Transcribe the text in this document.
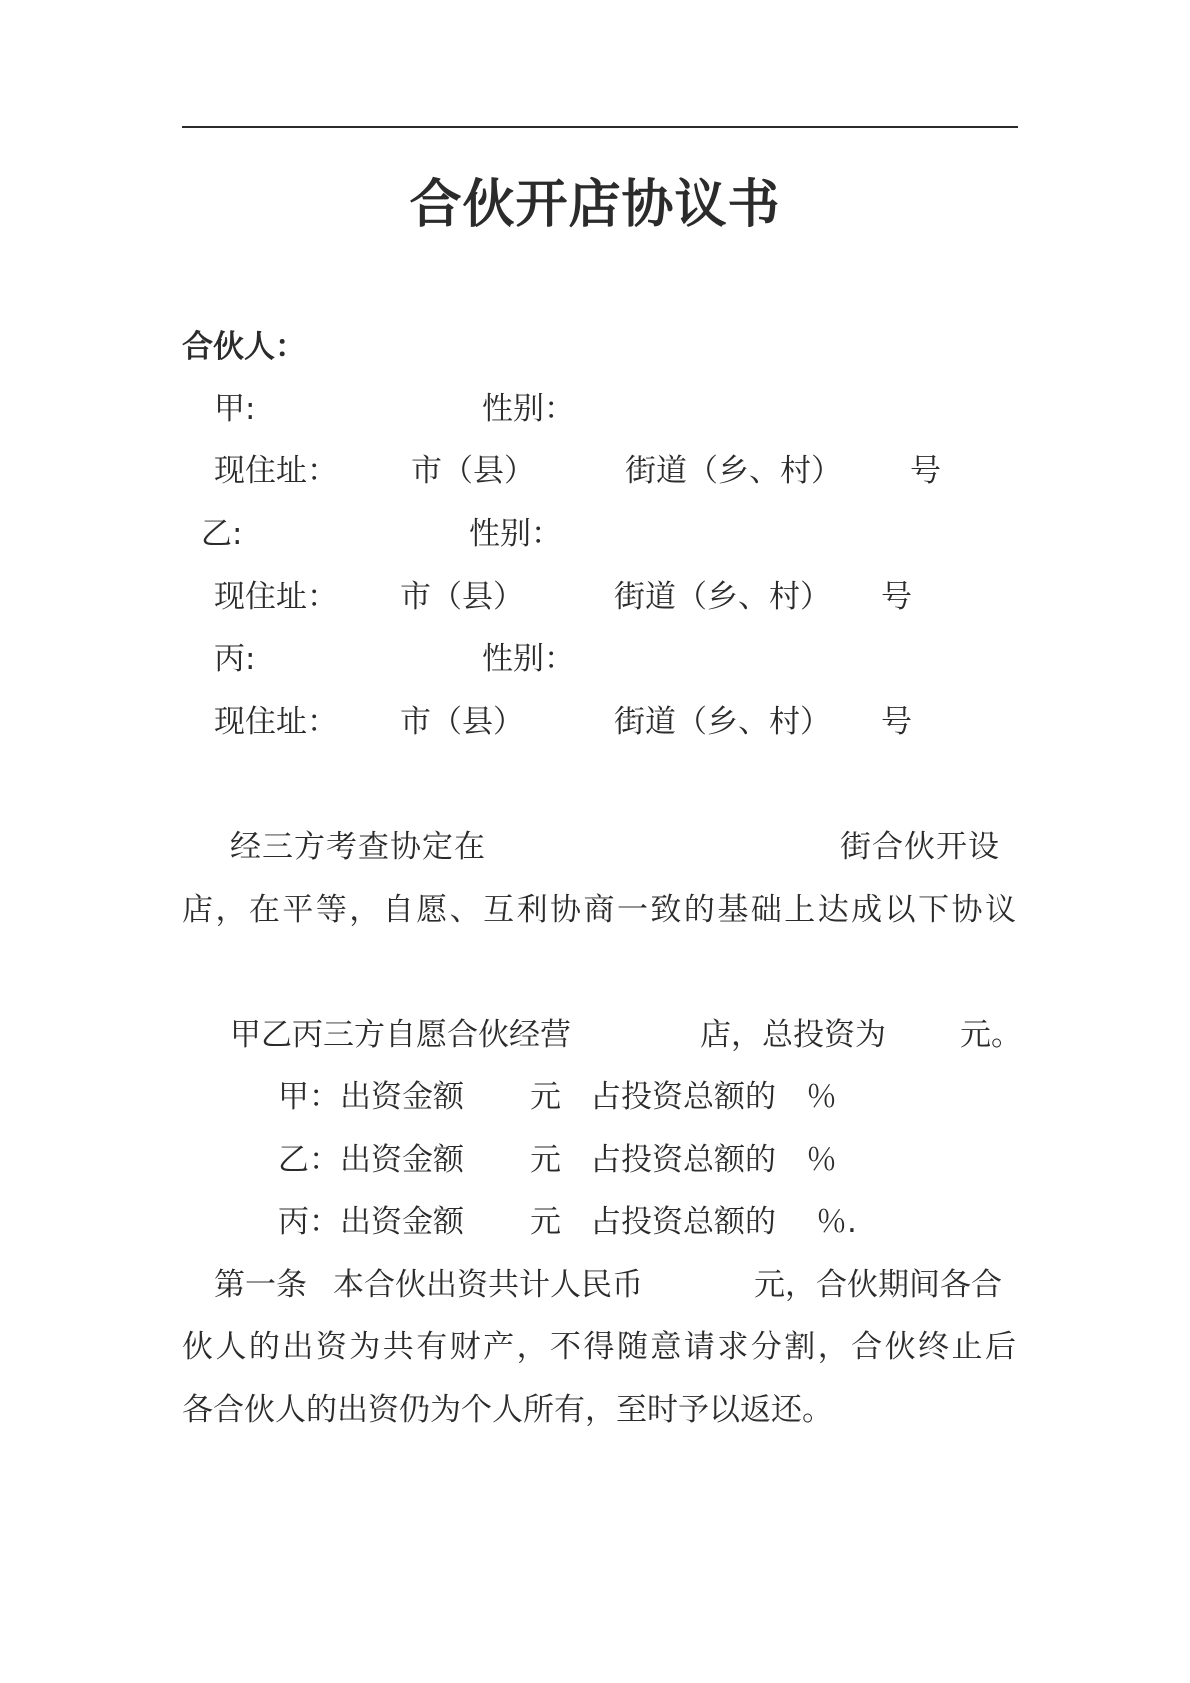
合伙开店协议书
合伙人：
甲:	性别：
现住址： 市（县）	街道（乡、村） 号
乙:	性别：
现住址： 市（县）	街道（乡、村） 号
丙:	性别：
现住址： 市（县）	街道（乡、村） 号
经三方考查协定在	街合伙开设
店，在平等，自愿、互利协商一致的基础上达成以下协议
甲乙丙三方自愿合伙经营	店，总投资为 元。
甲：出资金额 元 占投资总额的 ％
乙：出资金额 元 占投资总额的 ％
丙：出资金额 元 占投资总额的 ％.
第一条 本合伙出资共计人民币	元，合伙期间各合
伙人的出资为共有财产，不得随意请求分割，合伙终止后
各合伙人的出资仍为个人所有，至时予以返还。
